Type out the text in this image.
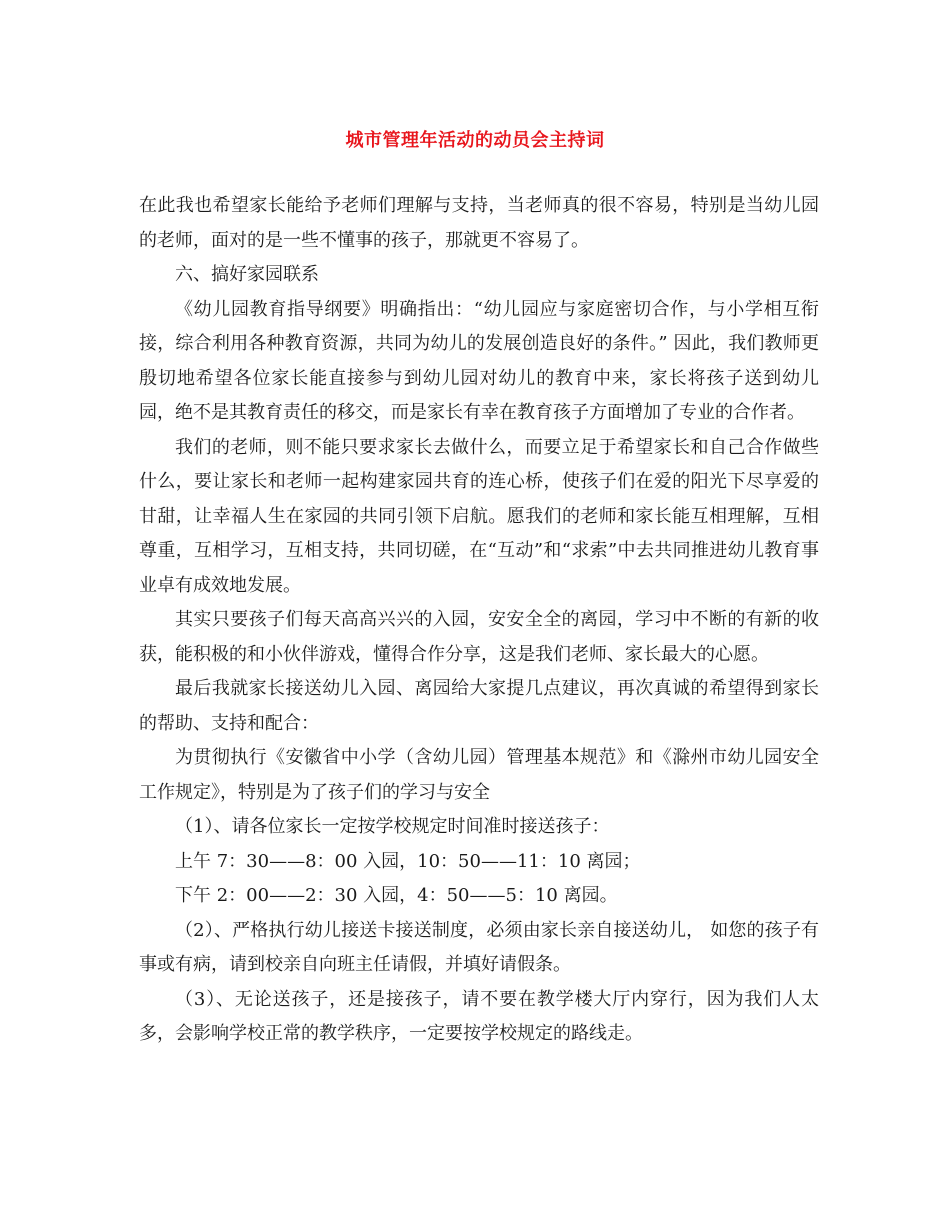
城市管理年活动的动员会主持词

在此我也希望家长能给予老师们理解与支持，当老师真的很不容易，特别是当幼儿园的老师，面对的是一些不懂事的孩子，那就更不容易了。

六、搞好家园联系

《幼儿园教育指导纲要》明确指出：“幼儿园应与家庭密切合作，与小学相互衔接，综合利用各种教育资源，共同为幼儿的发展创造良好的条件。” 因此，我们教师更殷切地希望各位家长能直接参与到幼儿园对幼儿的教育中来，家长将孩子送到幼儿园，绝不是其教育责任的移交，而是家长有幸在教育孩子方面增加了专业的合作者。

我们的老师，则不能只要求家长去做什么，而要立足于希望家长和自己合作做些什么，要让家长和老师一起构建家园共育的连心桥，使孩子们在爱的阳光下尽享爱的甘甜，让幸福人生在家园的共同引领下启航。愿我们的老师和家长能互相理解，互相尊重，互相学习，互相支持，共同切磋，在“互动”和“求索”中去共同推进幼儿教育事业卓有成效地发展。

其实只要孩子们每天高高兴兴的入园，安安全全的离园，学习中不断的有新的收获，能积极的和小伙伴游戏，懂得合作分享，这是我们老师、家长最大的心愿。

最后我就家长接送幼儿入园、离园给大家提几点建议，再次真诚的希望得到家长的帮助、支持和配合：

为贯彻执行《安徽省中小学（含幼儿园）管理基本规范》和《滁州市幼儿园安全工作规定》，特别是为了孩子们的学习与安全

（1）、请各位家长一定按学校规定时间准时接送孩子：

上午 7：30——8：00 入园，10：50——11：10 离园；

下午 2：00——2：30 入园，4：50——5：10 离园。

（2）、严格执行幼儿接送卡接送制度，必须由家长亲自接送幼儿， 如您的孩子有事或有病，请到校亲自向班主任请假，并填好请假条。

（3）、无论送孩子，还是接孩子，请不要在教学楼大厅内穿行，因为我们人太多，会影响学校正常的教学秩序，一定要按学校规定的路线走。
